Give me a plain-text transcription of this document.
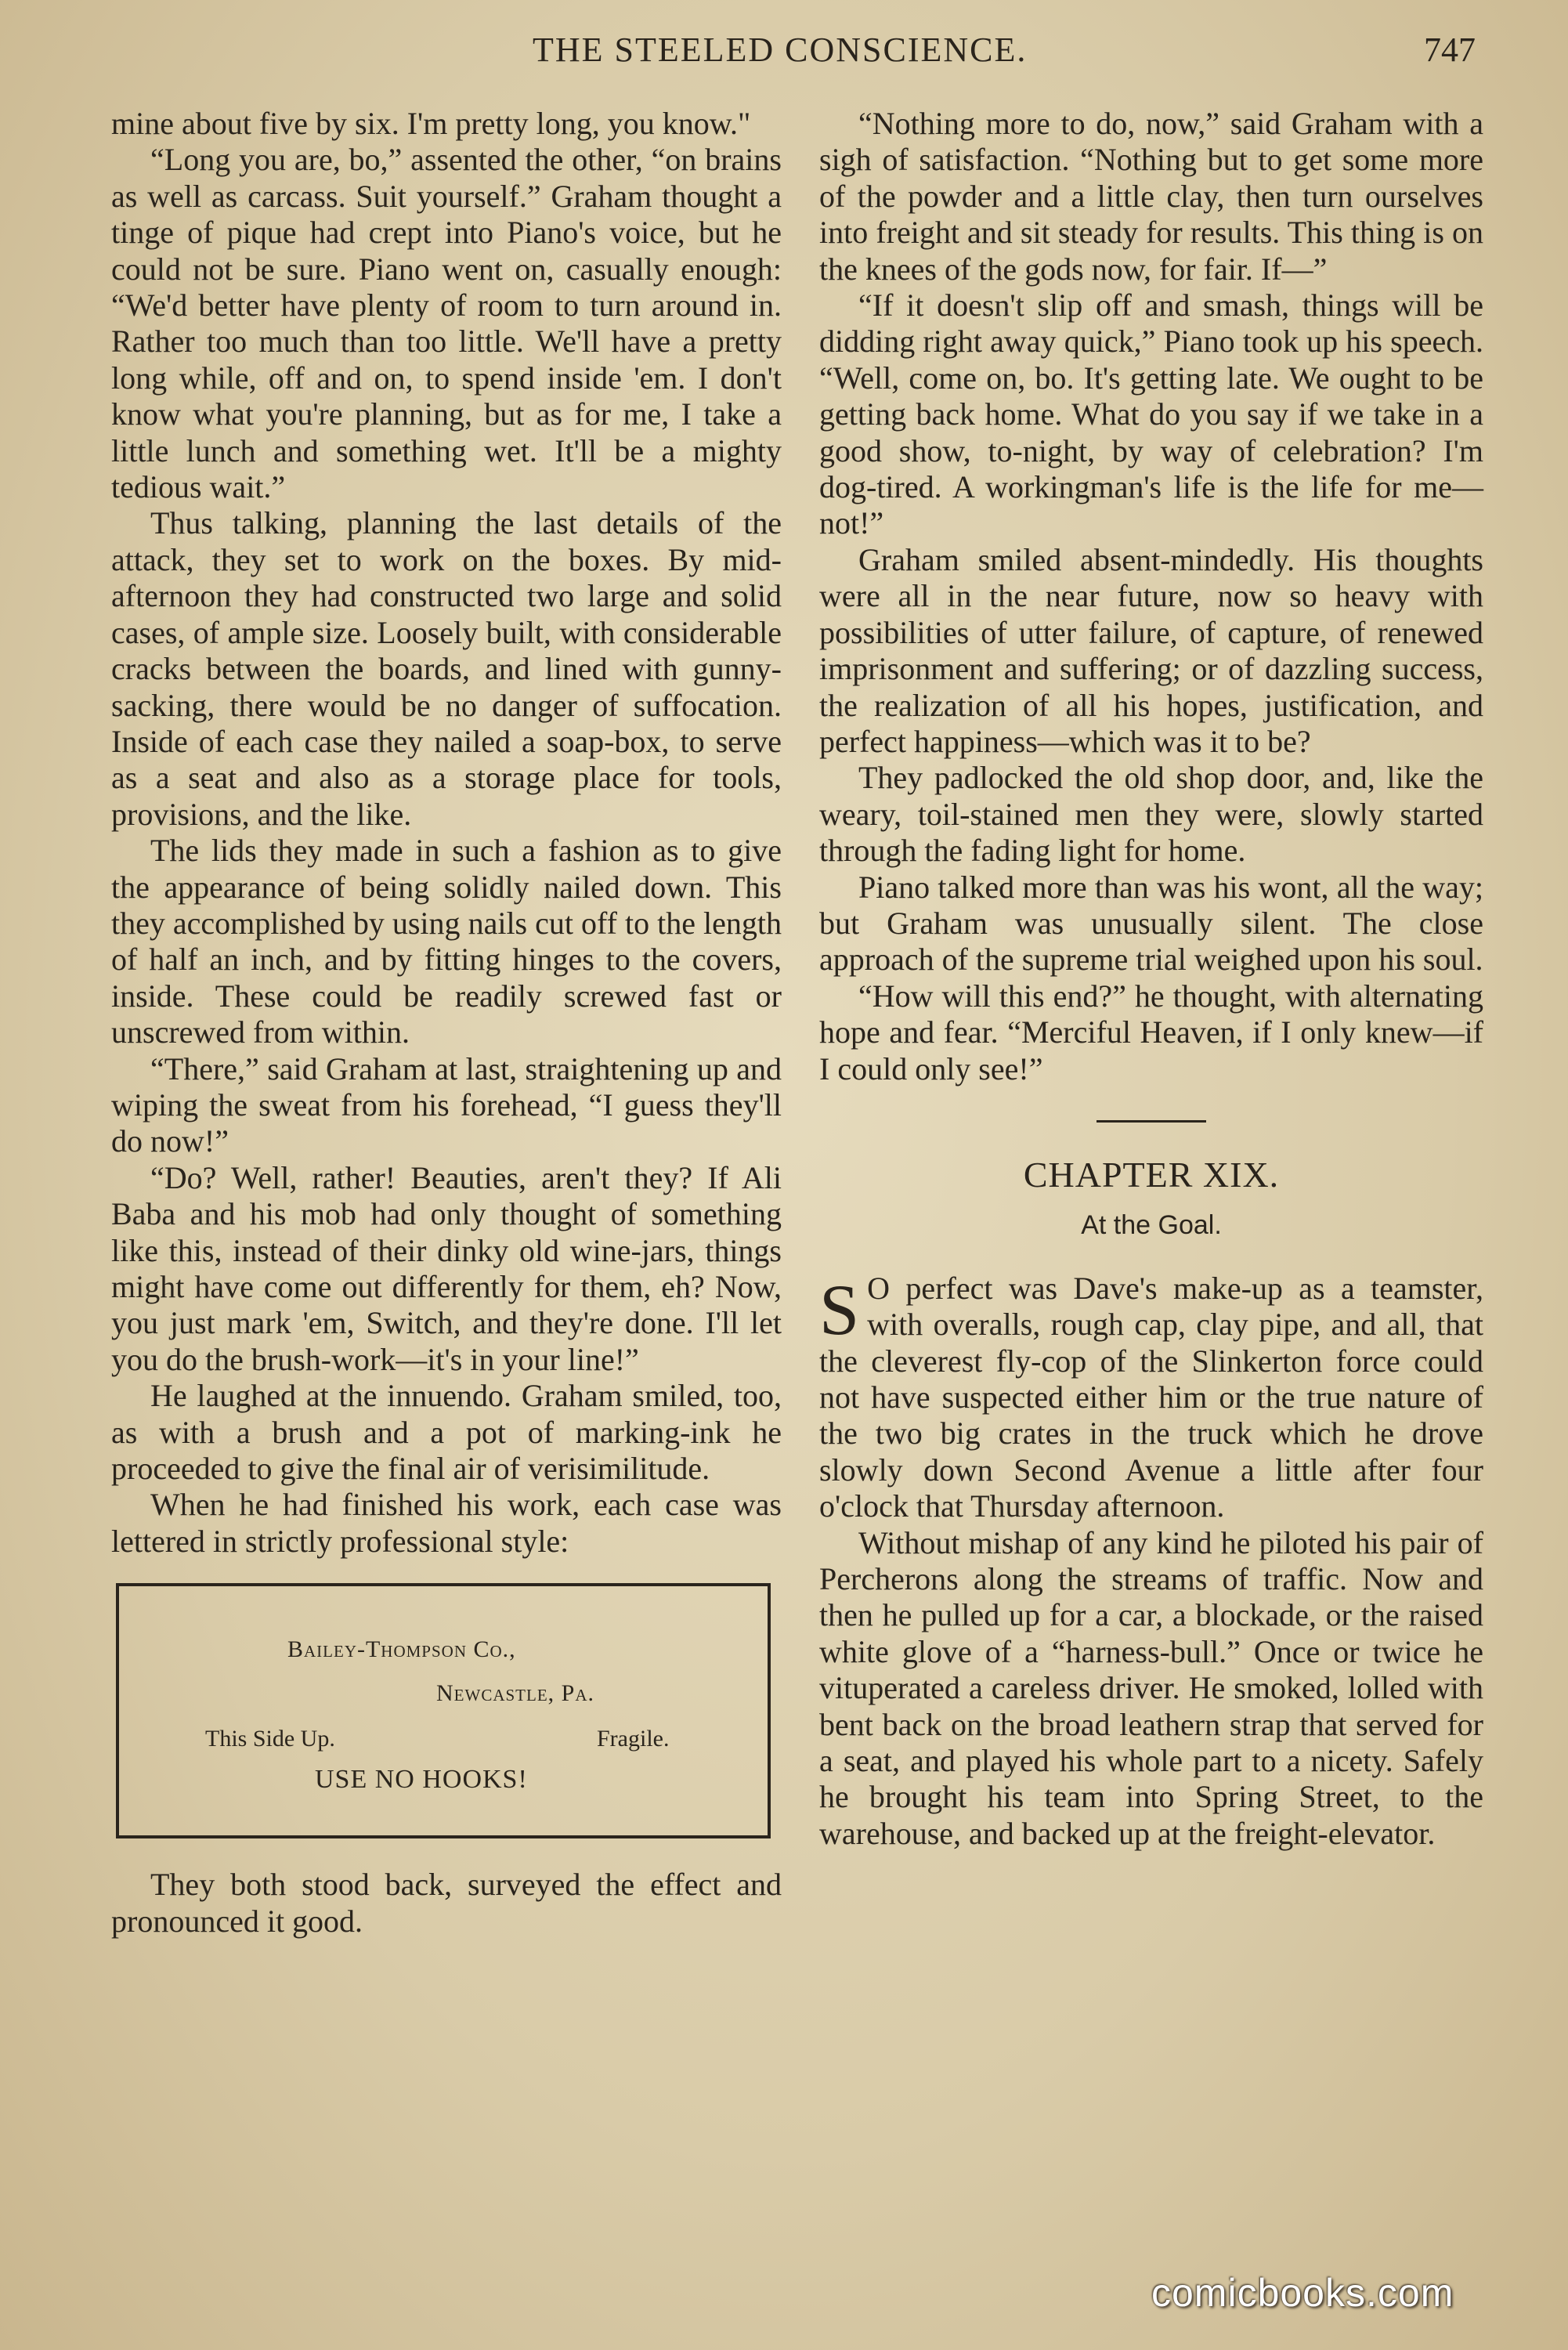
THE STEELED CONSCIENCE.	747

mine about five by six. I'm pretty long, you know."

“Long you are, bo,” assented the other, “on brains as well as carcass. Suit yourself.” Graham thought a tinge of pique had crept into Piano's voice, but he could not be sure. Piano went on, casually enough: “We'd better have plenty of room to turn around in. Rather too much than too little. We'll have a pretty long while, off and on, to spend inside 'em. I don't know what you're planning, but as for me, I take a little lunch and something wet. It'll be a mighty tedious wait.”

Thus talking, planning the last details of the attack, they set to work on the boxes. By mid-afternoon they had constructed two large and solid cases, of ample size. Loosely built, with considerable cracks between the boards, and lined with gunny-sacking, there would be no danger of suffocation. Inside of each case they nailed a soap-box, to serve as a seat and also as a storage place for tools, provisions, and the like.

The lids they made in such a fashion as to give the appearance of being solidly nailed down. This they accomplished by using nails cut off to the length of half an inch, and by fitting hinges to the covers, inside. These could be readily screwed fast or unscrewed from within.

“There,” said Graham at last, straightening up and wiping the sweat from his forehead, “I guess they'll do now!”

“Do? Well, rather! Beauties, aren't they? If Ali Baba and his mob had only thought of something like this, instead of their dinky old wine-jars, things might have come out differently for them, eh? Now, you just mark 'em, Switch, and they're done. I'll let you do the brush-work—it's in your line!”

He laughed at the innuendo. Graham smiled, too, as with a brush and a pot of marking-ink he proceeded to give the final air of verisimilitude.

When he had finished his work, each case was lettered in strictly professional style:

Bailey-Thompson Co.,
Newcastle, Pa.
This Side Up.	Fragile.
USE NO HOOKS!

They both stood back, surveyed the effect and pronounced it good.

“Nothing more to do, now,” said Graham with a sigh of satisfaction. “Nothing but to get some more of the powder and a little clay, then turn ourselves into freight and sit steady for results. This thing is on the knees of the gods now, for fair. If—”

“If it doesn't slip off and smash, things will be didding right away quick,” Piano took up his speech. “Well, come on, bo. It's getting late. We ought to be getting back home. What do you say if we take in a good show, to-night, by way of celebration? I'm dog-tired. A workingman's life is the life for me—not!”

Graham smiled absent-mindedly. His thoughts were all in the near future, now so heavy with possibilities of utter failure, of capture, of renewed imprisonment and suffering; or of dazzling success, the realization of all his hopes, justification, and perfect happiness—which was it to be?

They padlocked the old shop door, and, like the weary, toil-stained men they were, slowly started through the fading light for home.

Piano talked more than was his wont, all the way; but Graham was unusually silent. The close approach of the supreme trial weighed upon his soul.

“How will this end?” he thought, with alternating hope and fear. “Merciful Heaven, if I only knew—if I could only see!”

CHAPTER XIX.
At the Goal.

S O perfect was Dave's make-up as a teamster, with overalls, rough cap, clay pipe, and all, that the cleverest fly-cop of the Slinkerton force could not have suspected either him or the true nature of the two big crates in the truck which he drove slowly down Second Avenue a little after four o'clock that Thursday afternoon.

Without mishap of any kind he piloted his pair of Percherons along the streams of traffic. Now and then he pulled up for a car, a blockade, or the raised white glove of a “harness-bull.” Once or twice he vituperated a careless driver. He smoked, lolled with bent back on the broad leathern strap that served for a seat, and played his whole part to a nicety. Safely he brought his team into Spring Street, to the warehouse, and backed up at the freight-elevator.

comicbooks.com
